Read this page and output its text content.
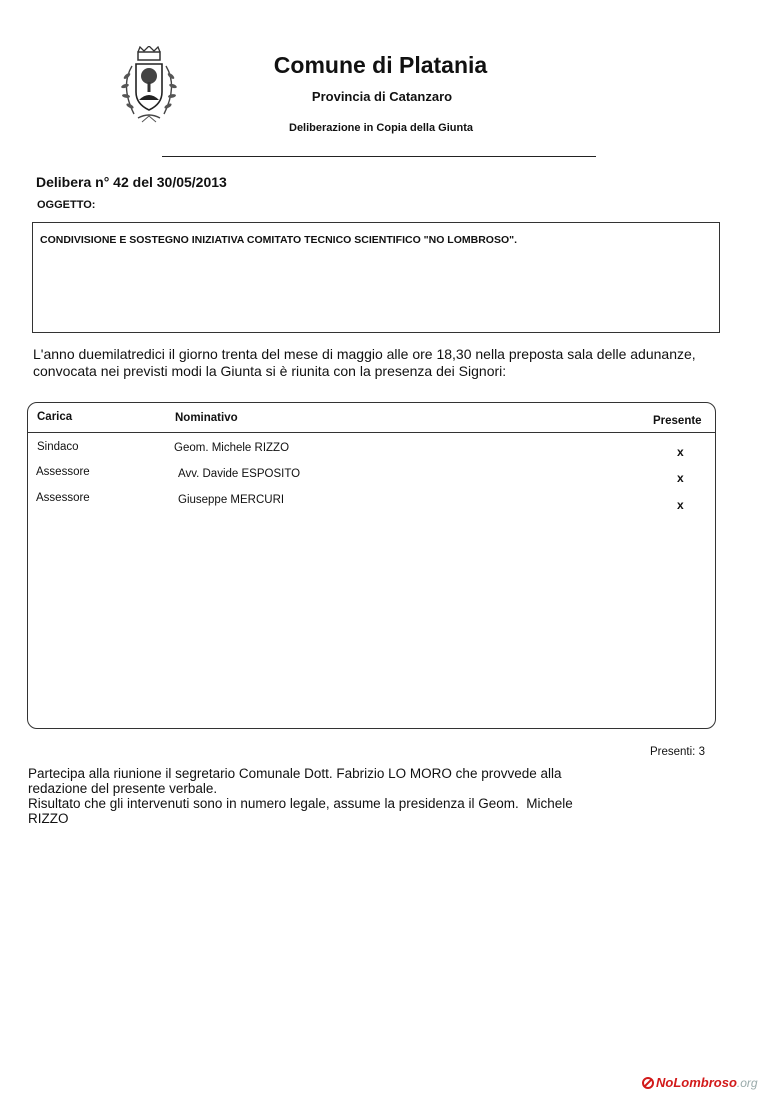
Comune di Platania
Provincia di Catanzaro
Deliberazione in Copia della Giunta
Delibera n° 42 del 30/05/2013
OGGETTO:
CONDIVISIONE E SOSTEGNO INIZIATIVA COMITATO TECNICO SCIENTIFICO "NO LOMBROSO".
L'anno duemilatredici il giorno trenta del mese di maggio alle ore 18,30 nella preposta sala delle adunanze, convocata nei previsti modi la Giunta si è riunita con la presenza dei Signori:
Carica	Nominativo	Presente
Sindaco	Geom. Michele RIZZO	x
Assessore	Avv. Davide ESPOSITO	x
Assessore	Giuseppe MERCURI	x
Presenti: 3
Partecipa alla riunione il segretario Comunale Dott. Fabrizio LO MORO che provvede alla
redazione del presente verbale.
Risultato che gli intervenuti sono in numero legale, assume la presidenza il Geom.  Michele
RIZZO
NoLombroso .org
